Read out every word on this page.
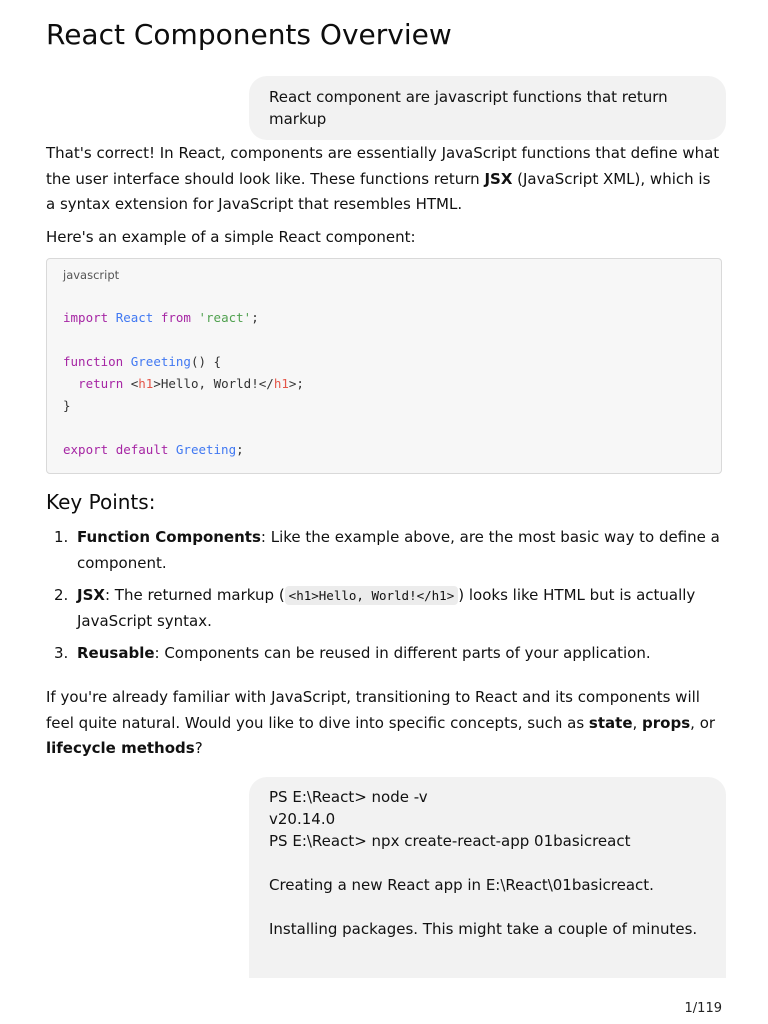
React Components Overview
React component are javascript functions that return markup

That's correct! In React, components are essentially JavaScript functions that define what the user interface should look like. These functions return JSX (JavaScript XML), which is a syntax extension for JavaScript that resembles HTML.

Here's an example of a simple React component:

javascript
import React from 'react';

function Greeting() {
return <h1>Hello, World!</h1>;
}

export default Greeting;
Key Points:
1. Function Components: Like the example above, are the most basic way to define a component.
2. JSX: The returned markup ( <h1>Hello, World!</h1> ) looks like HTML but is actually JavaScript syntax.
3. Reusable: Components can be reused in different parts of your application.

If you're already familiar with JavaScript, transitioning to React and its components will feel quite natural. Would you like to dive into specific concepts, such as state, props, or lifecycle methods?

PS E:\React> node -v
v20.14.0
PS E:\React> npx create-react-app 01basicreact

Creating a new React app in E:\React\01basicreact.

Installing packages. This might take a couple of minutes.
1/119
